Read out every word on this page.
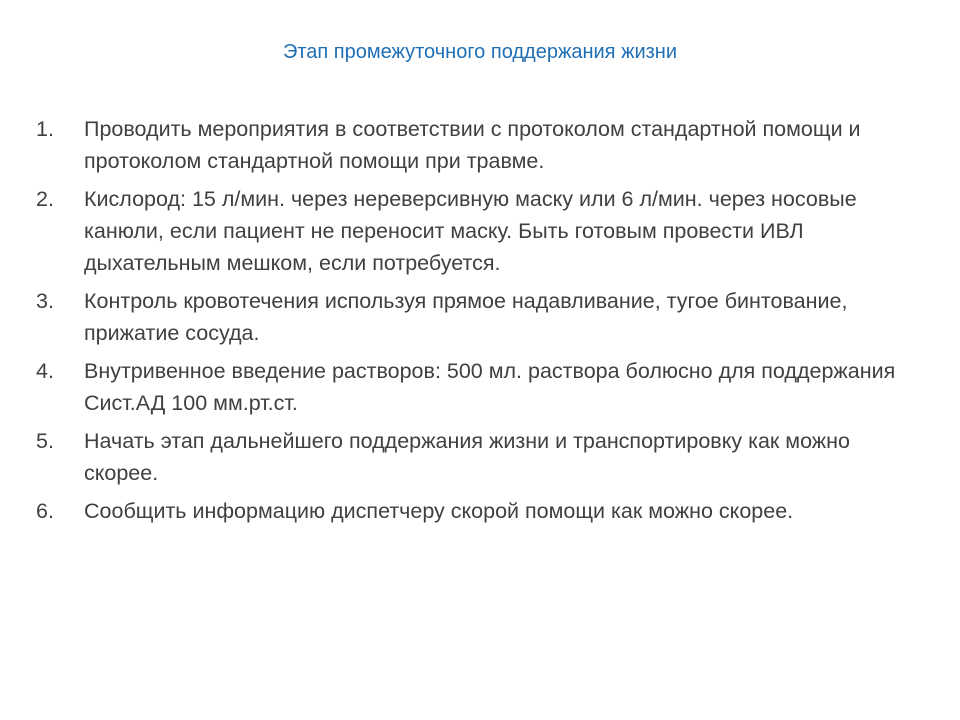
Этап промежуточного поддержания жизни
1.	Проводить мероприятия в соответствии с протоколом стандартной помощи и протоколом стандартной помощи при травме.
2.	Кислород: 15 л/мин. через нереверсивную маску или 6 л/мин. через носовые канюли, если пациент не переносит маску. Быть готовым провести ИВЛ дыхательным мешком, если потребуется.
3.	Контроль кровотечения используя прямое надавливание, тугое бинтование, прижатие сосуда.
4.	Внутривенное введение растворов: 500 мл. раствора болюсно для поддержания Сист.АД 100 мм.рт.ст.
5.	Начать этап дальнейшего поддержания жизни и транспортировку как можно скорее.
6.	Сообщить информацию диспетчеру скорой помощи как можно скорее.
